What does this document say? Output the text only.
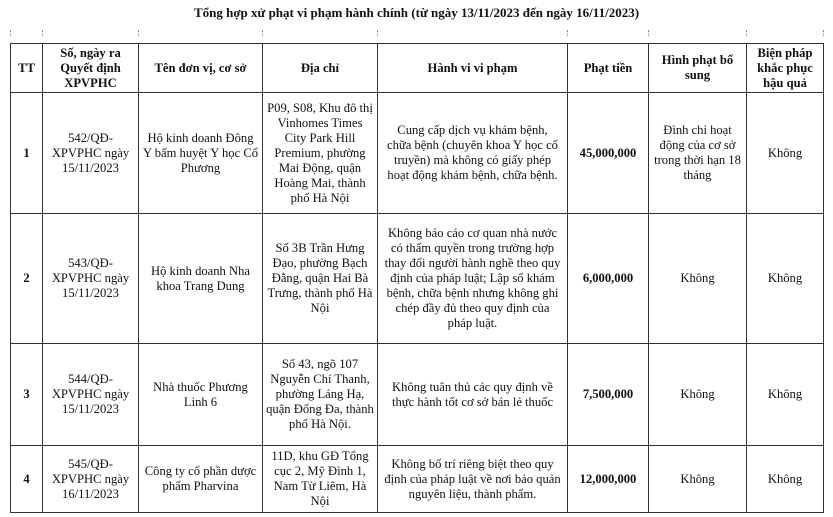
Tổng hợp xử phạt vi phạm hành chính (từ ngày 13/11/2023 đến ngày 16/11/2023)
TT	Số, ngày ra Quyết định XPVPHC	Tên đơn vị, cơ sở	Địa chỉ	Hành vi vi phạm	Phạt tiền	Hình phạt bổ sung	Biện pháp khắc phục hậu quả
1	542/QĐ-XPVPHC ngày 15/11/2023	Hộ kinh doanh Đông Y bấm huyệt Y học Cổ Phương	P09, S08, Khu đô thị Vinhomes Times City Park Hill Premium, phường Mai Động, quận Hoàng Mai, thành phố Hà Nội	Cung cấp dịch vụ khám bệnh, chữa bệnh (chuyên khoa Y học cổ truyền) mà không có giấy phép hoạt động khám bệnh, chữa bệnh.	45,000,000	Đình chỉ hoạt động của cơ sở trong thời hạn 18 tháng	Không
2	543/QĐ-XPVPHC ngày 15/11/2023	Hộ kinh doanh Nha khoa Trang Dung	Số 3B Trần Hưng Đạo, phường Bạch Đằng, quận Hai Bà Trưng, thành phố Hà Nội	Không báo cáo cơ quan nhà nước có thẩm quyền trong trường hợp thay đổi người hành nghề theo quy định của pháp luật; Lập sổ khám bệnh, chữa bệnh nhưng không ghi chép đầy đủ theo quy định của pháp luật.	6,000,000	Không	Không
3	544/QĐ-XPVPHC ngày 15/11/2023	Nhà thuốc Phương Linh 6	Số 43, ngõ 107 Nguyễn Chí Thanh, phường Láng Hạ, quận Đống Đa, thành phố Hà Nội.	Không tuân thủ các quy định về thực hành tốt cơ sở bán lẻ thuốc	7,500,000	Không	Không
4	545/QĐ-XPVPHC ngày 16/11/2023	Công ty cổ phần dược phẩm Pharvina	11D, khu GĐ Tổng cục 2, Mỹ Đình 1, Nam Từ Liêm, Hà Nội	Không bố trí riêng biệt theo quy định của pháp luật về nơi bảo quản nguyên liệu, thành phẩm.	12,000,000	Không	Không
